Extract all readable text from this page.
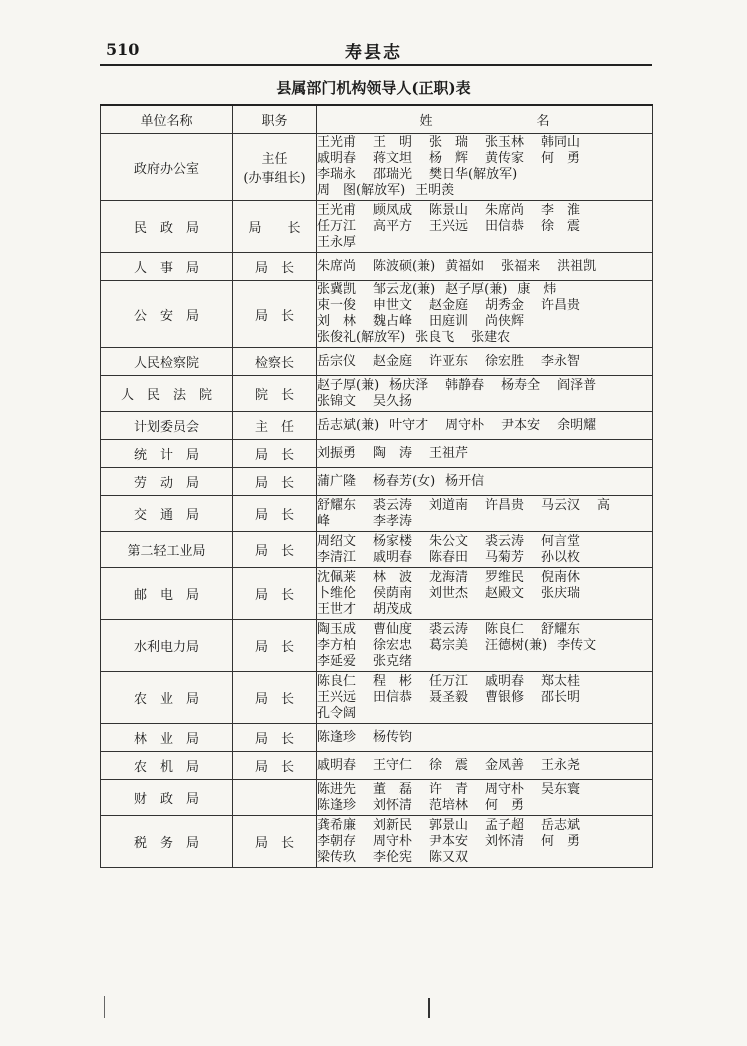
510	寿县志
县属部门机构领导人(正职)表
单位名称	职务	姓　　　　　　　　名
政府办公室	主任
(办事组长)	王光甫 王　明 张　瑞 张玉林 韩同山
戚明春 蒋文坦 杨　辉 黄传家 何　勇
李瑞永 邵瑞光 樊日华(解放军)
周　图(解放军) 王明羡

民　政　局	局　　长	王光甫 顾凤成 陈景山 朱席尚 李　淮
任万江 高平方 王兴远 田信恭 徐　震
王永厚

人　事　局	局　长	朱席尚 陈波硕(兼) 黄福如 张福来 洪祖凯

公　安　局	局　长	张冀凯 邹云龙(兼) 赵子厚(兼) 康　炜
束一俊 申世文 赵金庭 胡秀金 许昌贵
刘　林 魏占峰 田庭训 尚侠辉
张俊礼(解放军) 张良飞 张建农

人民检察院	检察长	岳宗仪 赵金庭 许亚东 徐宏胜 李永智

人　民　法　院	院　长	赵子厚(兼) 杨庆泽 韩静春 杨寿全 阎泽普
张锦文 吴久扬

计划委员会	主　任	岳志斌(兼) 叶守才 周守朴 尹本安 余明耀

统　计　局	局　长	刘振勇 陶　涛 王祖芹

劳　动　局	局　长	蒲广隆 杨春芳(女) 杨开信

交　通　局	局　长	舒耀东 裘云涛 刘道南 许昌贵 马云汉 高
峰 李孝涛

第二轻工业局	局　长	周绍文 杨家楼 朱公文 裘云涛 何言堂
李清江 戚明春 陈春田 马菊芳 孙以枚

邮　电　局	局　长	沈佩莱 林　波 龙海清 罗维民 倪南休
卜维伦 侯荫南 刘世杰 赵殿文 张庆瑞
王世才 胡茂成

水利电力局	局　长	陶玉成 曹仙度 裘云涛 陈良仁 舒耀东
李方柏 徐宏忠 葛宗美 汪德树(兼) 李传文
李延爱 张克绪

农　业　局	局　长	陈良仁 程　彬 任万江 戚明春 郑太桂
王兴远 田信恭 聂圣毅 曹银修 邵长明
孔令阔

林　业　局	局　长	陈逢珍 杨传钧

农　机　局	局　长	戚明春 王守仁 徐　震 金凤善 王永尧

财　政　局		陈进先 董　磊 许　青 周守朴 吴东寰
陈逢珍 刘怀清 范培林 何　勇

税　务　局	局　长	龚希廉 刘新民 郭景山 孟子超 岳志斌
李朝存 周守朴 尹本安 刘怀清 何　勇
梁传玖 李伦宪 陈又双
